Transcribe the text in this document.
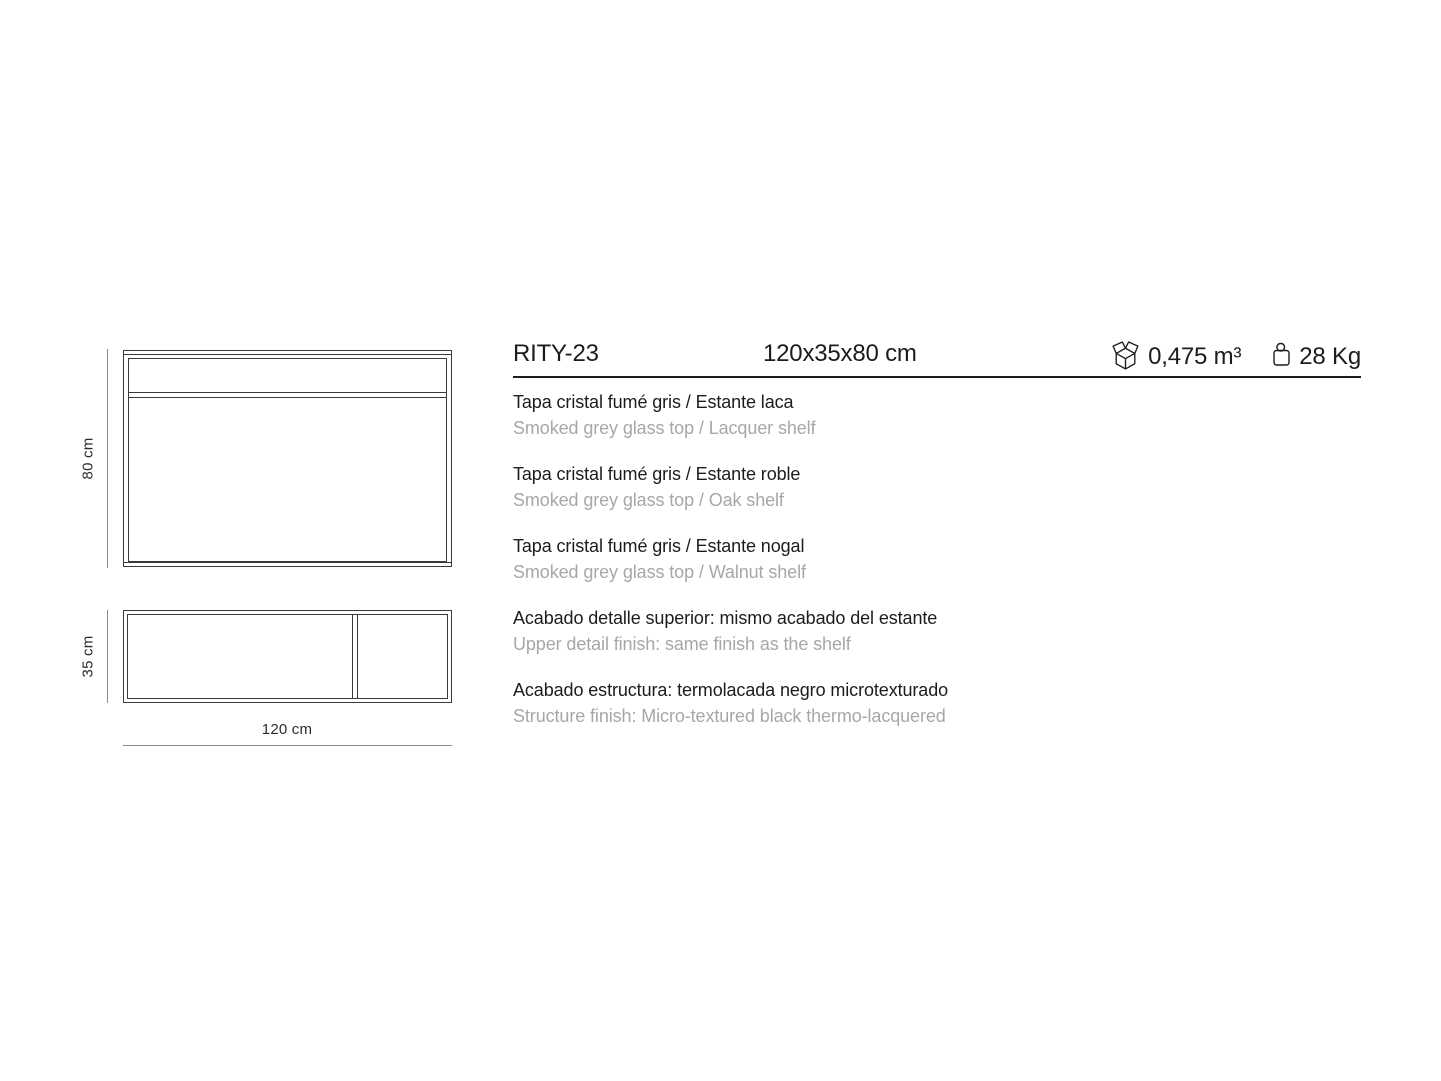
80 cm
35 cm
120 cm
RITY-23	120x35x80 cm	0,475 m³ 28 Kg
Tapa cristal fumé gris / Estante laca
Smoked grey glass top / Lacquer shelf
Tapa cristal fumé gris / Estante roble
Smoked grey glass top / Oak shelf
Tapa cristal fumé gris / Estante nogal
Smoked grey glass top / Walnut shelf
Acabado detalle superior: mismo acabado del estante
Upper detail finish: same finish as the shelf
Acabado estructura: termolacada negro microtexturado
Structure finish: Micro-textured black thermo-lacquered
